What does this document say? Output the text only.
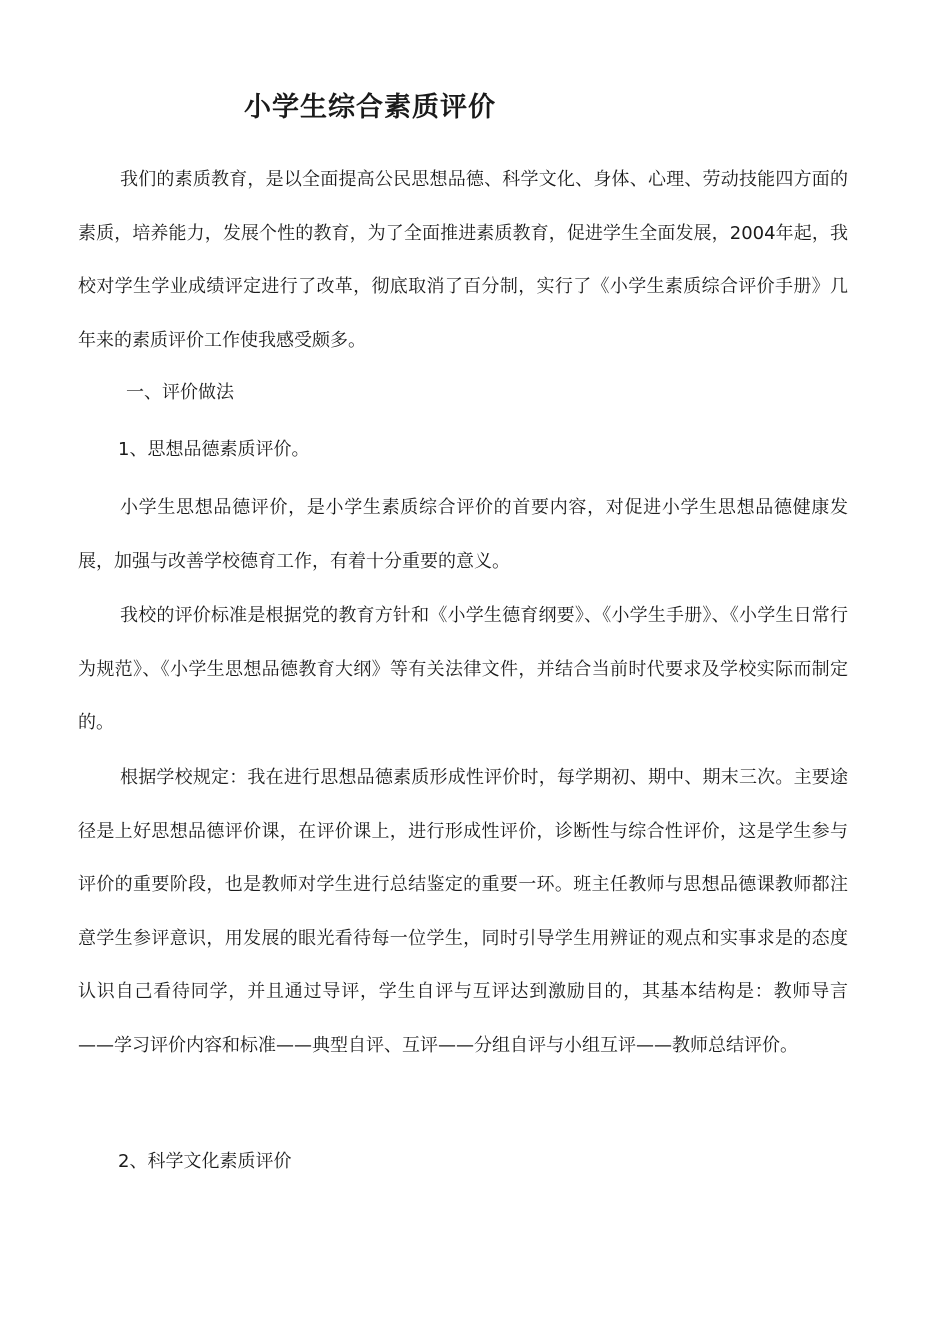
小学生综合素质评价

我们的素质教育，是以全面提高公民思想品德、科学文化、身体、心理、劳动技能四方面的素质，培养能力，发展个性的教育，为了全面推进素质教育，促进学生全面发展，2004年起，我校对学生学业成绩评定进行了改革，彻底取消了百分制，实行了《小学生素质综合评价手册》几年来的素质评价工作使我感受颇多。

一、评价做法

1、思想品德素质评价。

小学生思想品德评价，是小学生素质综合评价的首要内容，对促进小学生思想品德健康发展，加强与改善学校德育工作，有着十分重要的意义。

我校的评价标准是根据党的教育方针和《小学生德育纲要》、《小学生手册》、《小学生日常行为规范》、《小学生思想品德教育大纲》等有关法律文件，并结合当前时代要求及学校实际而制定的。

根据学校规定：我在进行思想品德素质形成性评价时，每学期初、期中、期末三次。主要途径是上好思想品德评价课，在评价课上，进行形成性评价，诊断性与综合性评价，这是学生参与评价的重要阶段，也是教师对学生进行总结鉴定的重要一环。班主任教师与思想品德课教师都注意学生参评意识，用发展的眼光看待每一位学生，同时引导学生用辨证的观点和实事求是的态度认识自己看待同学，并且通过导评，学生自评与互评达到激励目的，其基本结构是：教师导言——学习评价内容和标准——典型自评、互评——分组自评与小组互评——教师总结评价。

2、科学文化素质评价
